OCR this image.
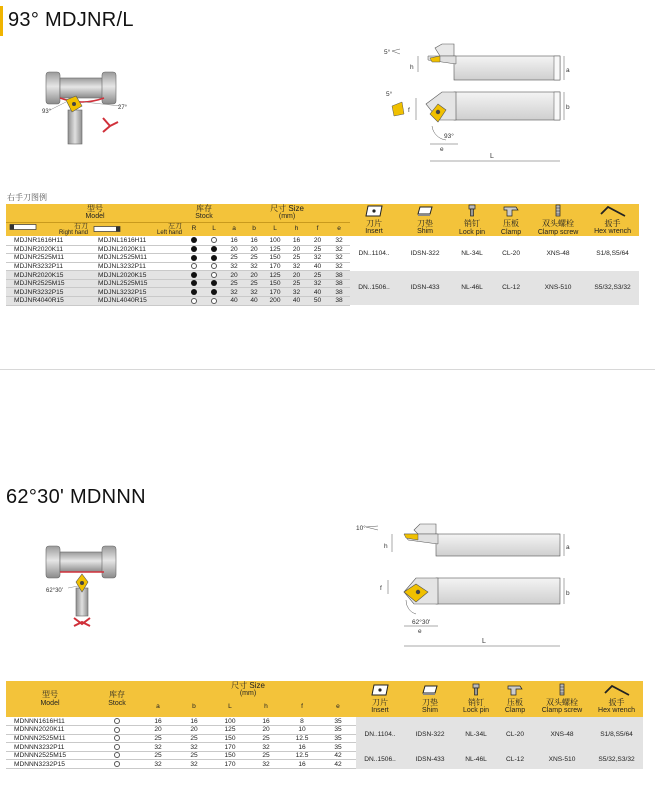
93° MDJNR/L
93°
27°
5°
h	a
5°
f	b
93°
e
L
右手刀图例
型号
Model		库存
Stock		尺寸 Size
(mm)						刀片
Insert	刀垫
Shim	销钉
Lock pin	压板
Clamp	双头螺栓
Clamp screw	扳手
Hex wrench

右刀
Right hand	左刀
Left hand	R	L	a	b	L	h	f	e						
MDJNR1616H11	MDJNL1616H11			16	16	100	16	20	32	DN..1104..	IDSN-322	NL-34L	CL-20	XNS-48	S1/8,S5/64
MDJNR2020K11	MDJNL2020K11			20	20	125	20	25	32						
MDJNR2525M11	MDJNL2525M11			25	25	150	25	32	32						
MDJNR3232P11	MDJNL3232P11			32	32	170	32	40	32						
MDJNR2020K15	MDJNL2020K15			20	20	125	20	25	38	DN..1506..	IDSN-433	NL-46L	CL-12	XNS-510	S5/32,S3/32
MDJNR2525M15	MDJNL2525M15			25	25	150	25	32	38						
MDJNR3232P15	MDJNL3232P15			32	32	170	32	40	38						
MDJNR4040R15	MDJNL4040R15			40	40	200	40	50	38						
62°30' MDNNN
62°30'
10°
h	a
f
b
62°30'
e
L
型号
Model	库存
Stock	尺寸 Size
(mm)						刀片
Insert	刀垫
Shim	销钉
Lock pin	压板
Clamp	双头螺栓
Clamp screw	扳手
Hex wrench

		a	b	L	h	f	e						
MDNNN1616H11		16	16	100	16	8	35	DN..1104..	IDSN-322	NL-34L	CL-20	XNS-48	S1/8,S5/64
MDNNN2020K11		20	20	125	20	10	35						
MDNNN2525M11		25	25	150	25	12.5	35						
MDNNN3232P11		32	32	170	32	16	35						
MDNNN2525M15		25	25	150	25	12.5	42	DN..1506..	IDSN-433	NL-46L	CL-12	XNS-510	S5/32,S3/32
MDNNN3232P15		32	32	170	32	16	42						
